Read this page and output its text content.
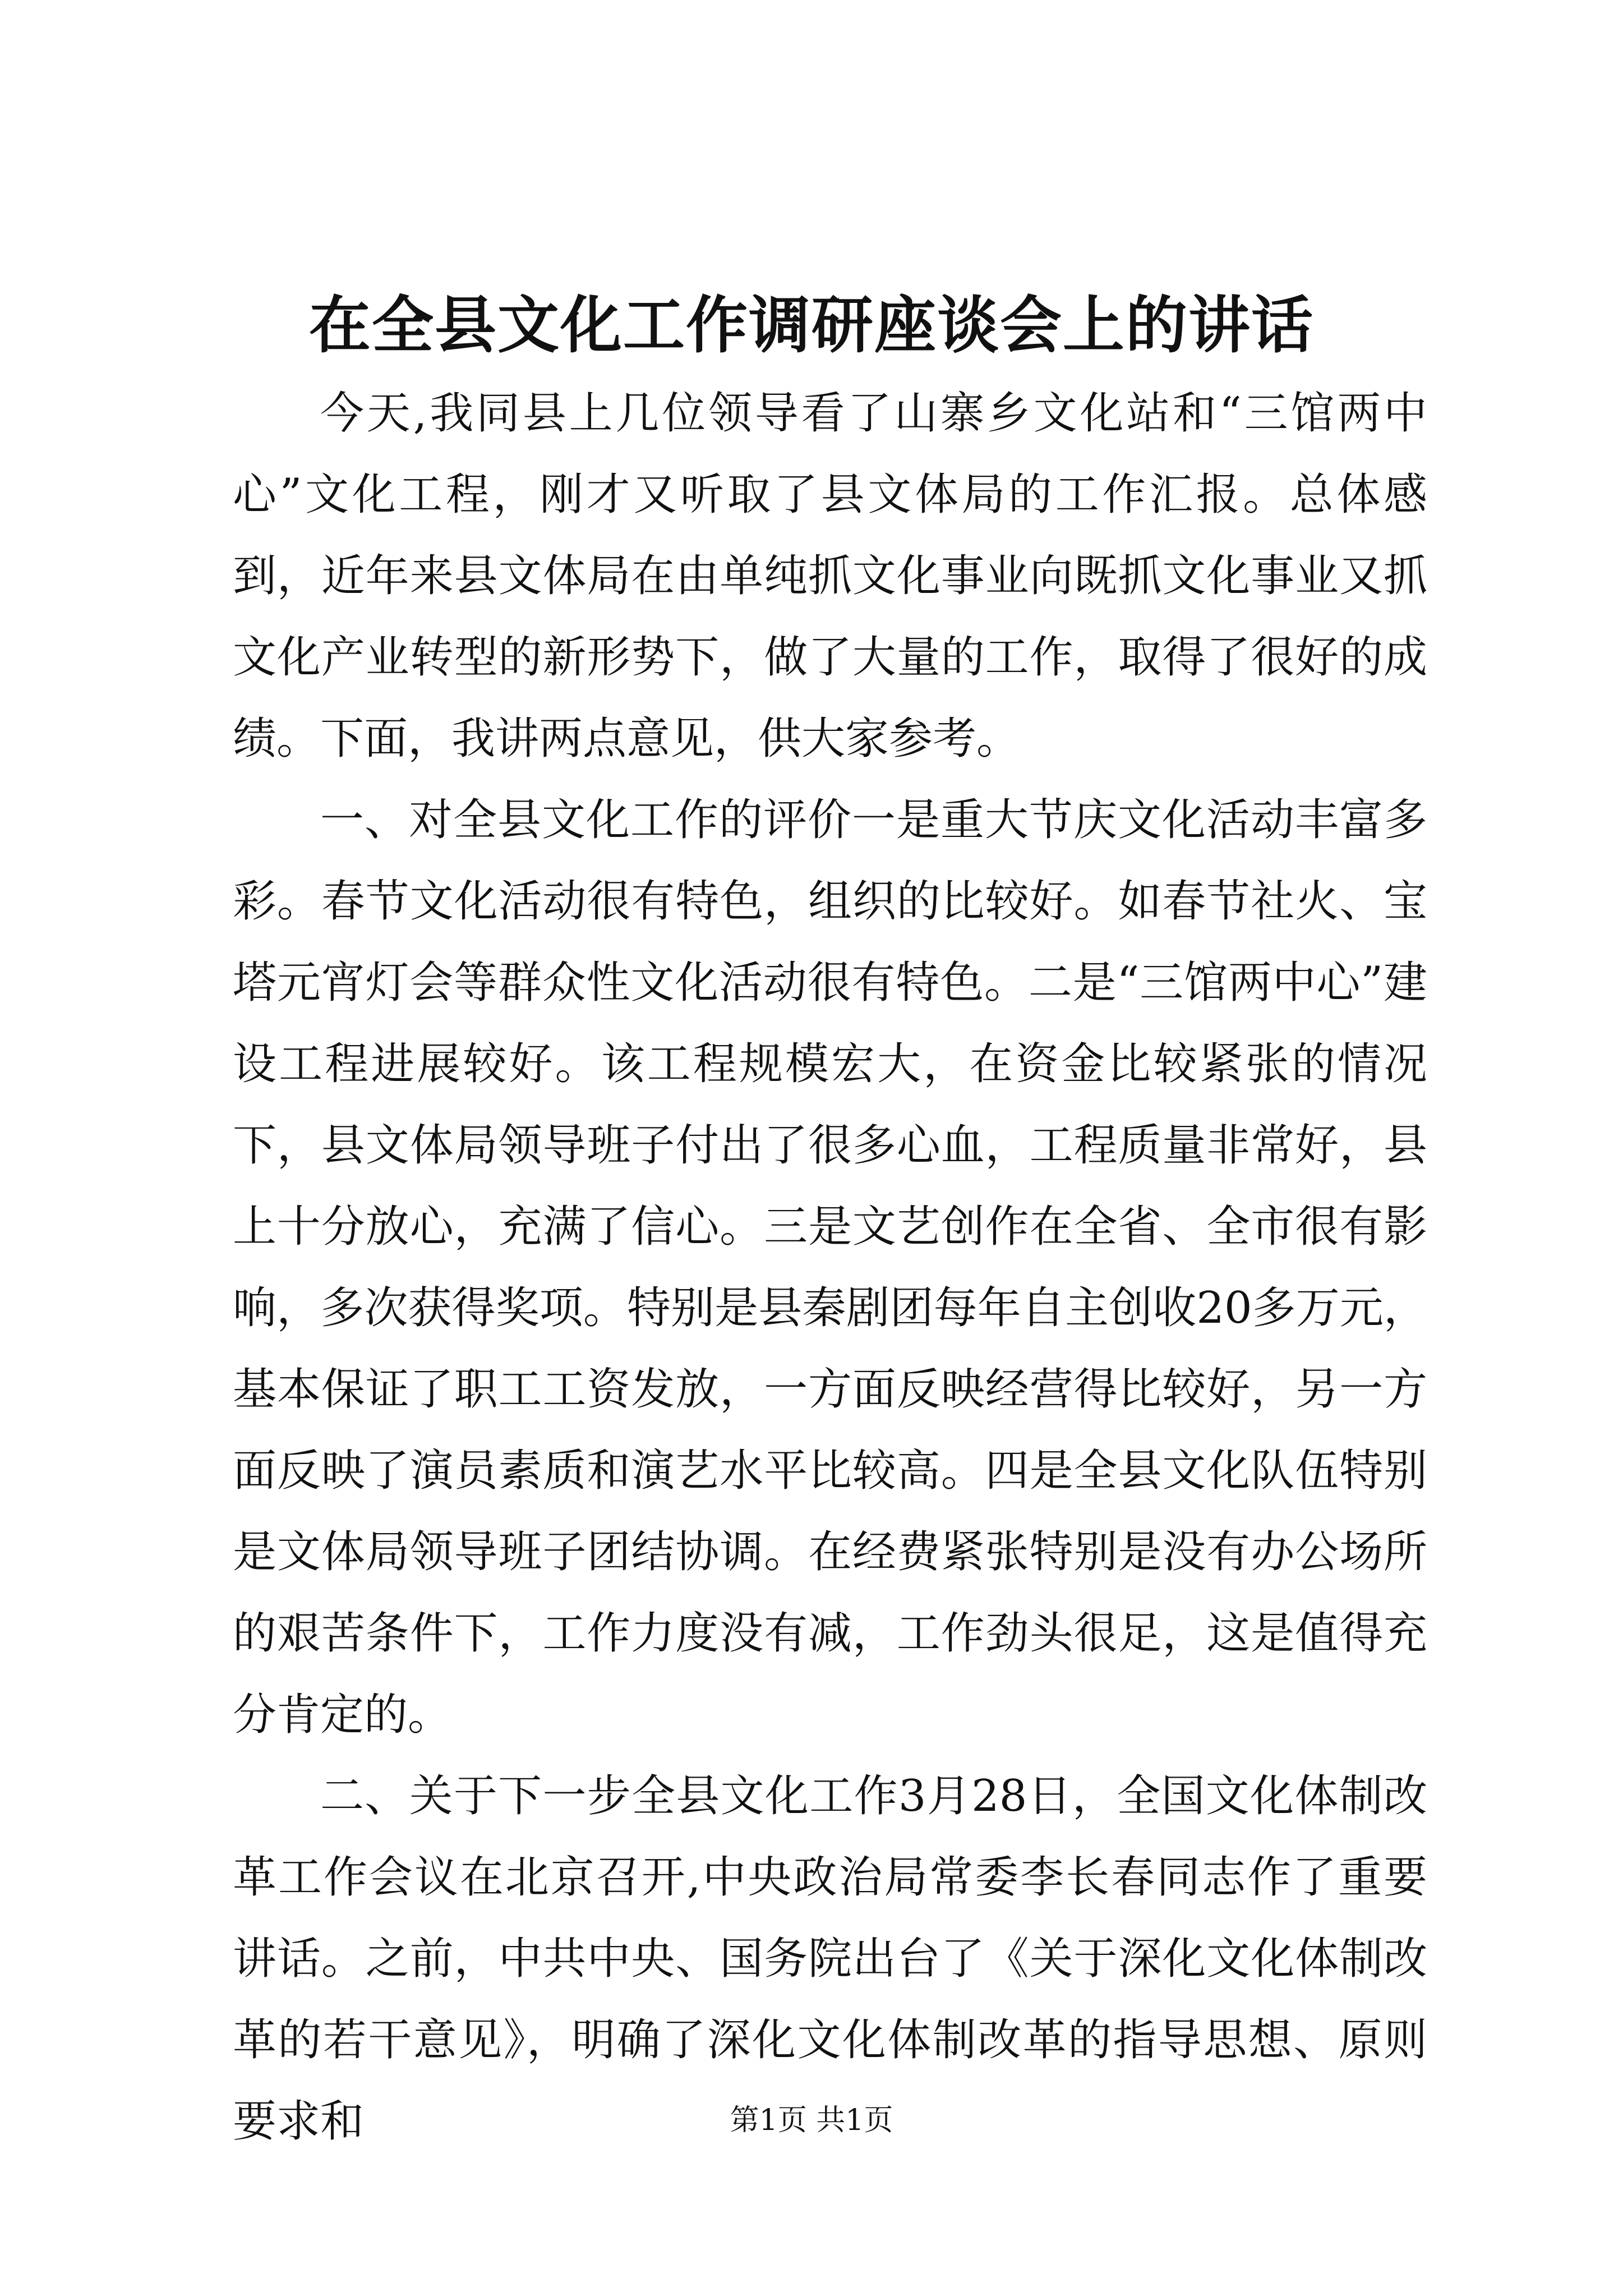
在全县文化工作调研座谈会上的讲话

今天,我同县上几位领导看了山寨乡文化站和“三馆两中心”文化工程，刚才又听取了县文体局的工作汇报。总体感到，近年来县文体局在由单纯抓文化事业向既抓文化事业又抓文化产业转型的新形势下，做了大量的工作，取得了很好的成绩。下面，我讲两点意见，供大家参考。

一、对全县文化工作的评价一是重大节庆文化活动丰富多彩。春节文化活动很有特色，组织的比较好。如春节社火、宝塔元宵灯会等群众性文化活动很有特色。二是“三馆两中心”建设工程进展较好。该工程规模宏大，在资金比较紧张的情况下，县文体局领导班子付出了很多心血，工程质量非常好，县上十分放心，充满了信心。三是文艺创作在全省、全市很有影响，多次获得奖项。特别是县秦剧团每年自主创收20多万元，基本保证了职工工资发放，一方面反映经营得比较好，另一方面反映了演员素质和演艺水平比较高。四是全县文化队伍特别是文体局领导班子团结协调。在经费紧张特别是没有办公场所的艰苦条件下，工作力度没有减，工作劲头很足，这是值得充分肯定的。

二、关于下一步全县文化工作3月28日，全国文化体制改革工作会议在北京召开,中央政治局常委李长春同志作了重要讲话。之前，中共中央、国务院出台了《关于深化文化体制改革的若干意见》，明确了深化文化体制改革的指导思想、原则要求和	第1页 共1页
